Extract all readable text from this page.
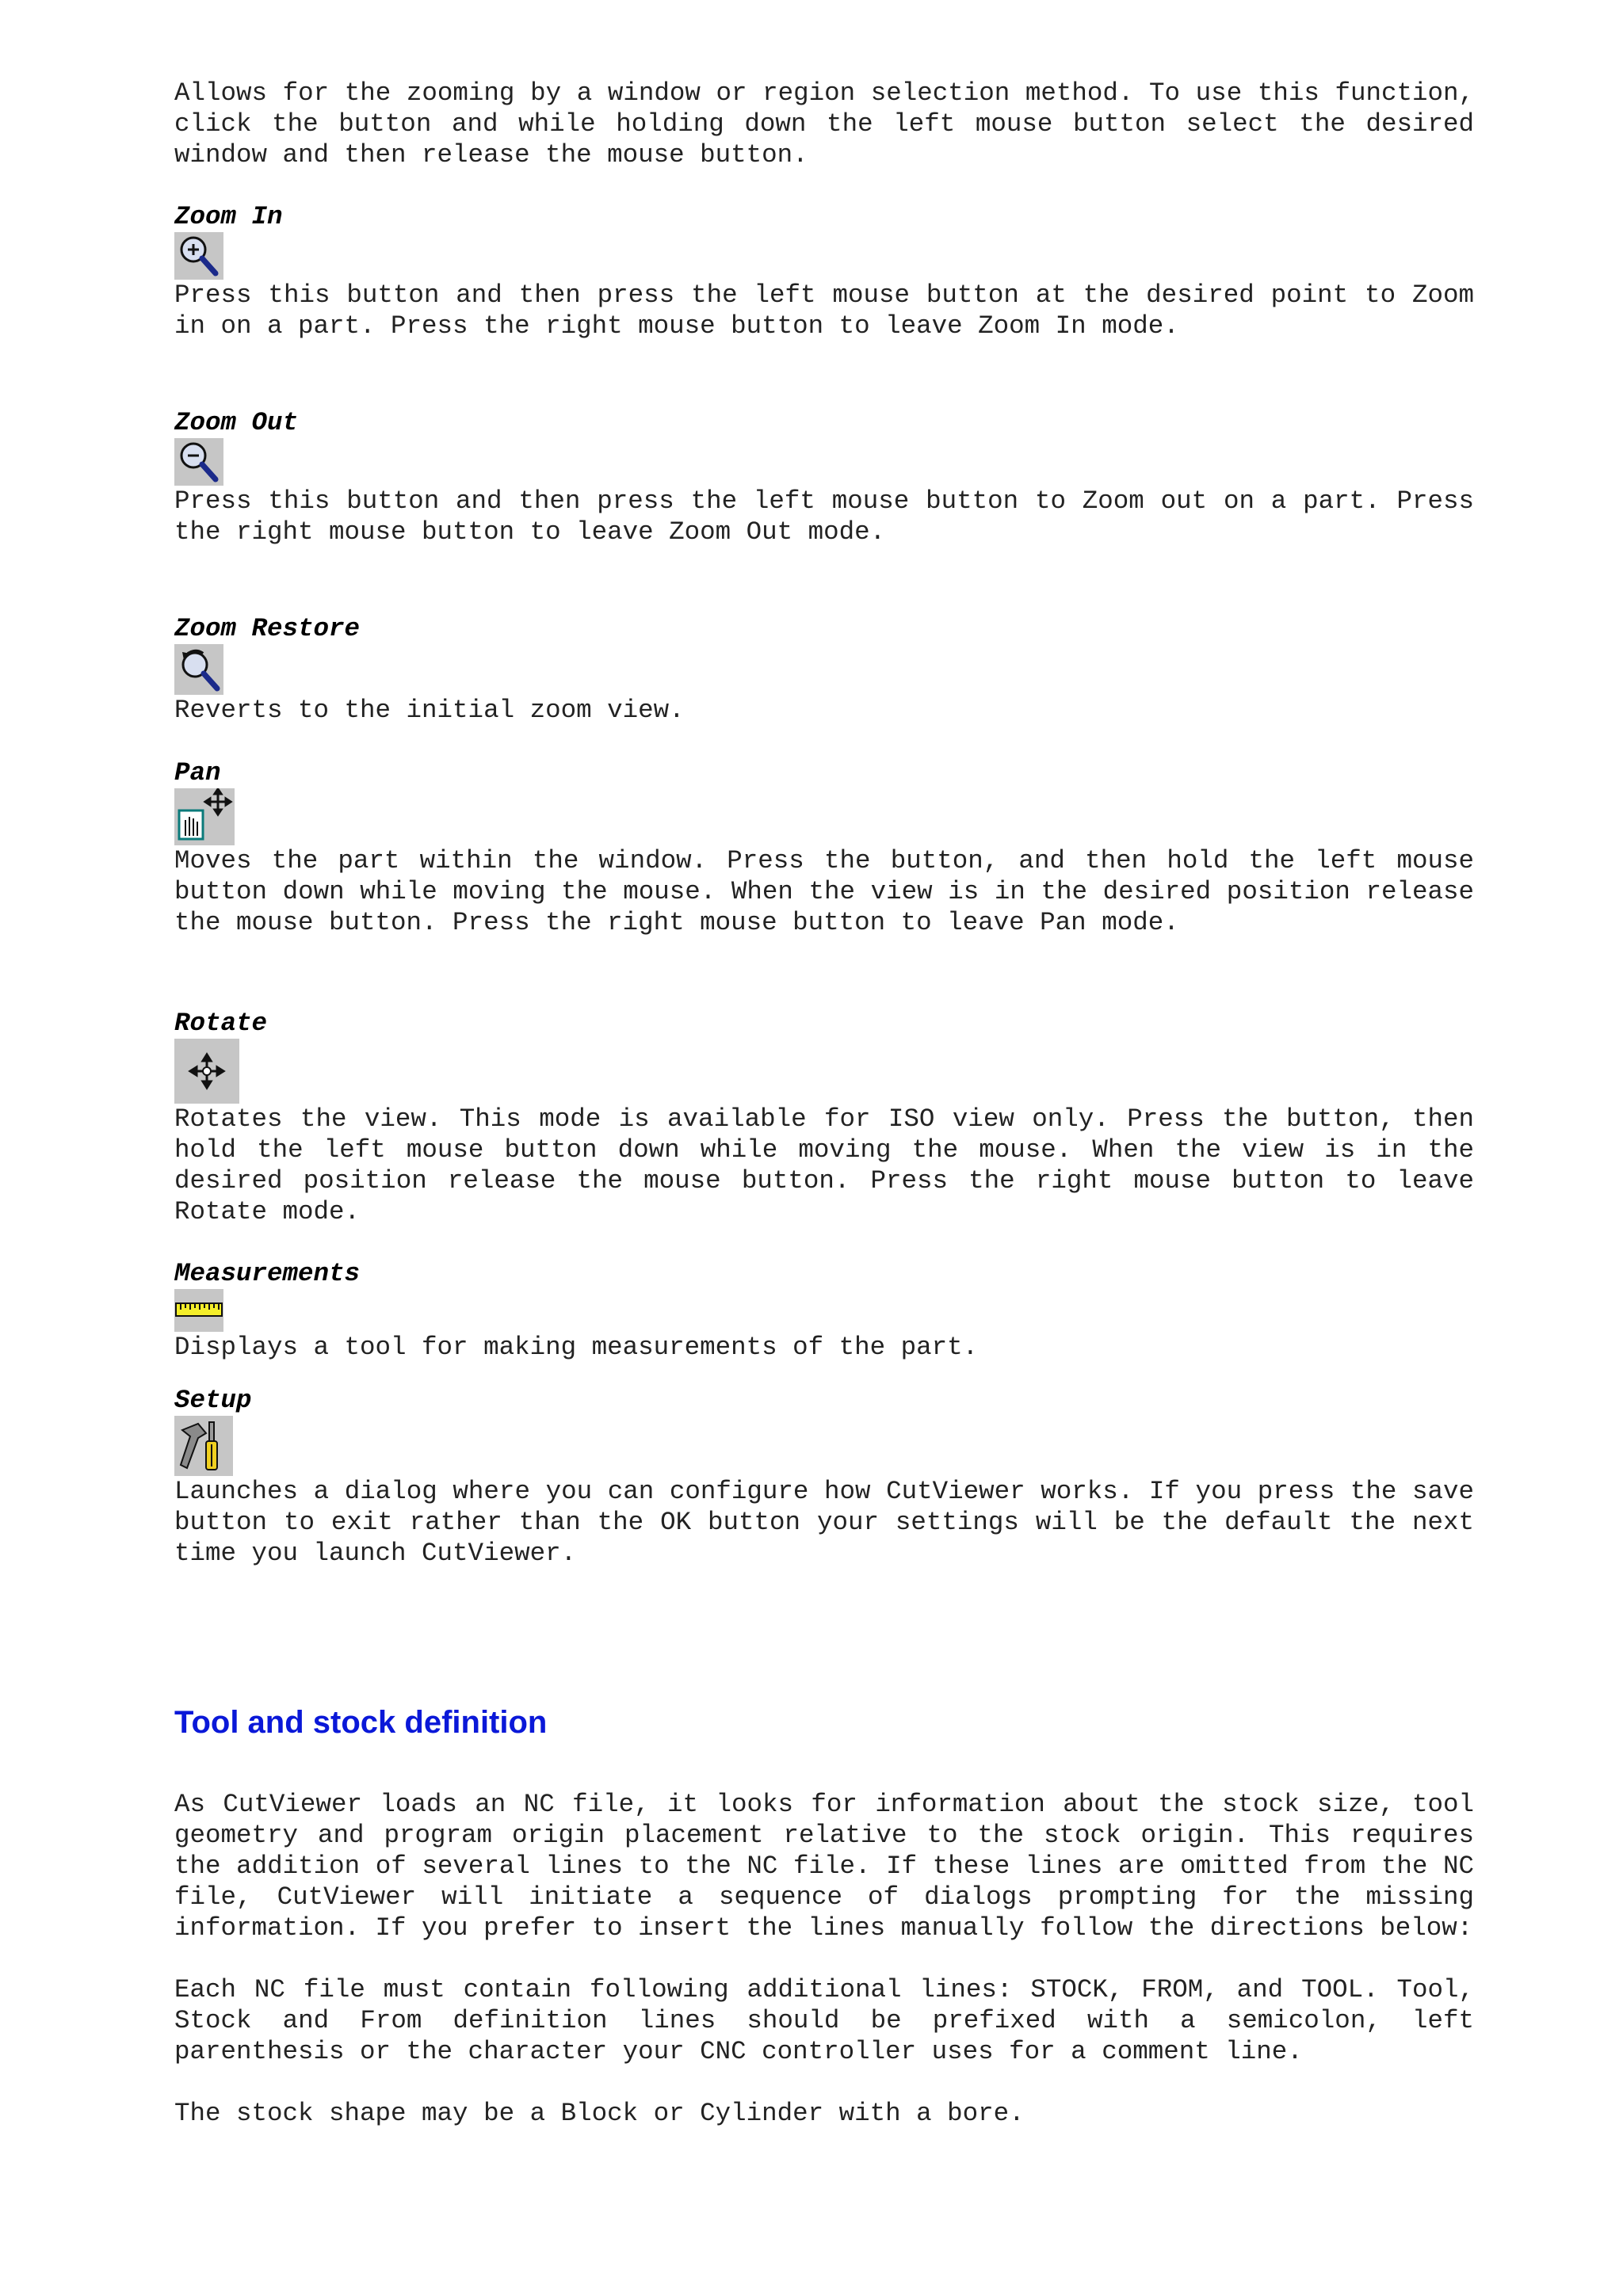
Allows for the zooming by a window or region selection method. To use this function, click the button and while holding down the left mouse button select the desired window and then release the mouse button.

Zoom In

Press this button and then press the left mouse button at the desired point to Zoom in on a part. Press the right mouse button to leave Zoom In mode.

Zoom Out

Press this button and then press the left mouse button to Zoom out on a part. Press the right mouse button to leave Zoom Out mode.

Zoom Restore

Reverts to the initial zoom view.

Pan

Moves the part within the window. Press the button, and then hold the left mouse button down while moving the mouse. When the view is in the desired position release the mouse button. Press the right mouse button to leave Pan mode.

Rotate

Rotates the view. This mode is available for ISO view only. Press the button, then hold the left mouse button down while moving the mouse. When the view is in the desired position release the mouse button. Press the right mouse button to leave Rotate mode.

Measurements

Displays a tool for making measurements of the part.

Setup

Launches a dialog where you can configure how CutViewer works. If you press the save button to exit rather than the OK button your settings will be the default the next time you launch CutViewer.

Tool and stock definition

As CutViewer loads an NC file, it looks for information about the stock size, tool geometry and program origin placement relative to the stock origin. This requires the addition of several lines to the NC file. If these lines are omitted from the NC file, CutViewer will initiate a sequence of dialogs prompting for the missing information. If you prefer to insert the lines manually follow the directions below:

Each NC file must contain following additional lines: STOCK, FROM, and TOOL. Tool, Stock and From definition lines should be prefixed with a semicolon, left parenthesis or the character your CNC controller uses for a comment line.

The stock shape may be a Block or Cylinder with a bore.
